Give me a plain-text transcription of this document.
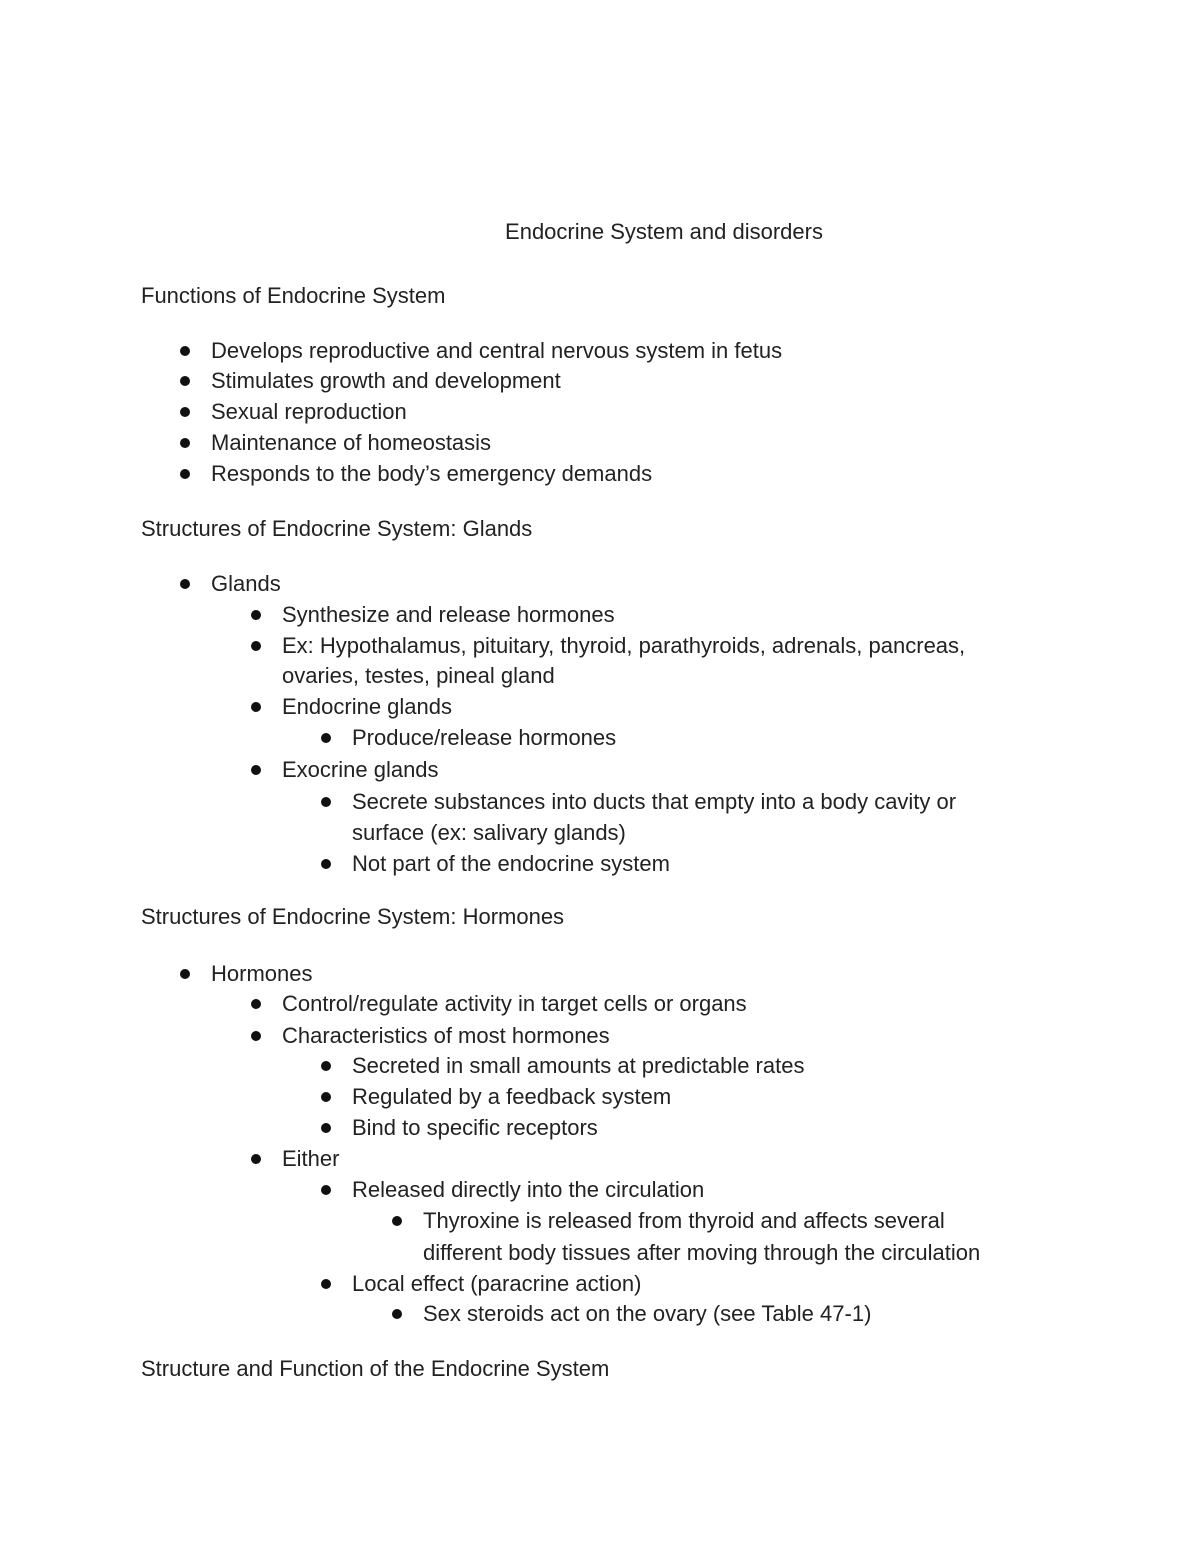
Endocrine System and disorders
Functions of Endocrine System
Develops reproductive and central nervous system in fetus
Stimulates growth and development
Sexual reproduction
Maintenance of homeostasis
Responds to the body’s emergency demands
Structures of Endocrine System: Glands
Glands
Synthesize and release hormones
Ex: Hypothalamus, pituitary, thyroid, parathyroids, adrenals, pancreas,
ovaries, testes, pineal gland
Endocrine glands
Produce/release hormones
Exocrine glands
Secrete substances into ducts that empty into a body cavity or
surface (ex: salivary glands)
Not part of the endocrine system
Structures of Endocrine System: Hormones
Hormones
Control/regulate activity in target cells or organs
Characteristics of most hormones
Secreted in small amounts at predictable rates
Regulated by a feedback system
Bind to specific receptors
Either
Released directly into the circulation
Thyroxine is released from thyroid and affects several
different body tissues after moving through the circulation
Local effect (paracrine action)
Sex steroids act on the ovary (see Table 47-1)
Structure and Function of the Endocrine System
